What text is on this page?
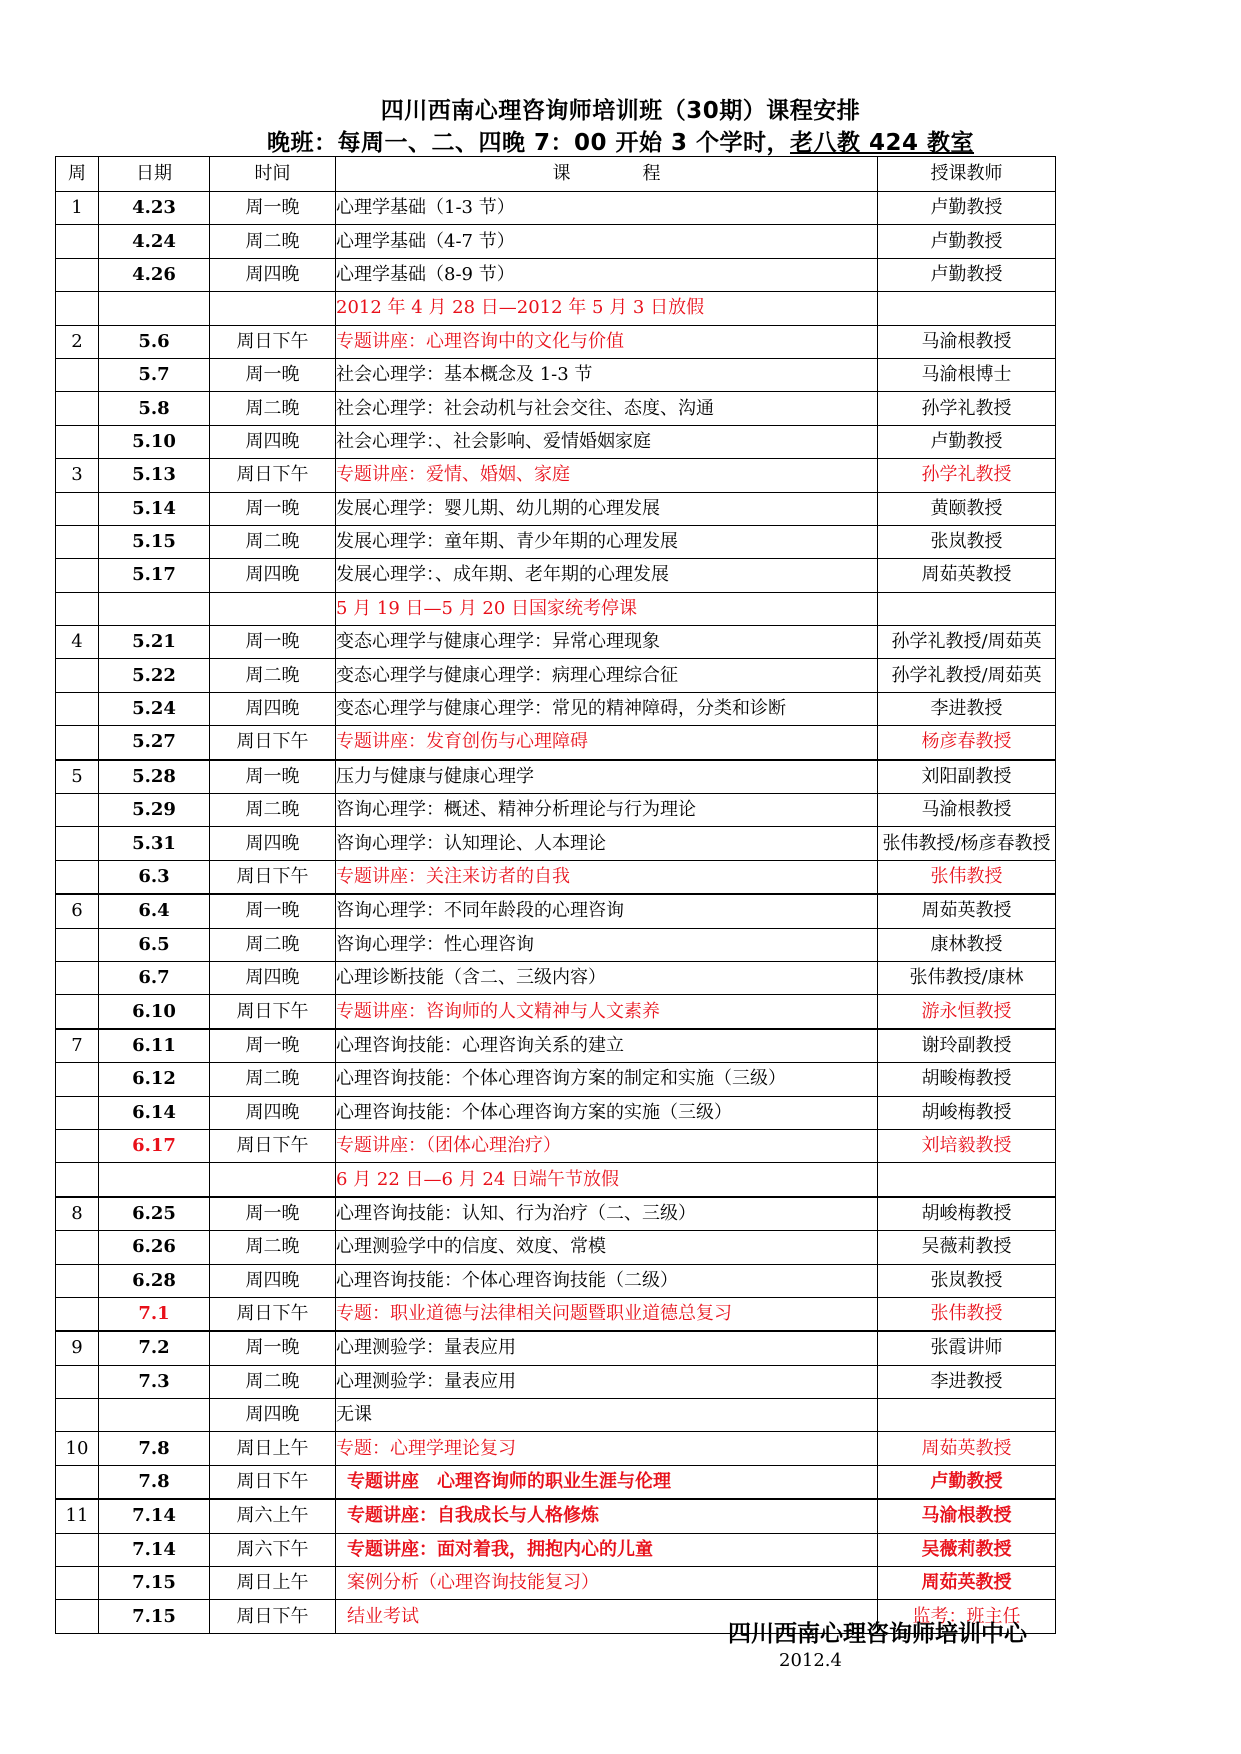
四川西南心理咨询师培训班（30期）课程安排
晚班：每周一、二、四晚 7：00 开始 3 个学时，老八教 424 教室
周	日期	时间	课　　　　程	授课教师
1	4.23	周一晚	心理学基础（1-3 节）	卢勤教授
	4.24	周二晚	心理学基础（4-7 节）	卢勤教授
	4.26	周四晚	心理学基础（8-9 节）	卢勤教授
			2012 年 4 月 28 日—2012 年 5 月 3 日放假	
2	5.6	周日下午	专题讲座：心理咨询中的文化与价值	马渝根教授
	5.7	周一晚	社会心理学：基本概念及 1-3 节	马渝根博士
	5.8	周二晚	社会心理学：社会动机与社会交往、态度、沟通	孙学礼教授
	5.10	周四晚	社会心理学：、社会影响、爱情婚姻家庭	卢勤教授
3	5.13	周日下午	专题讲座：爱情、婚姻、家庭	孙学礼教授
	5.14	周一晚	发展心理学：婴儿期、幼儿期的心理发展	黄颐教授
	5.15	周二晚	发展心理学：童年期、青少年期的心理发展	张岚教授
	5.17	周四晚	发展心理学：、成年期、老年期的心理发展	周茹英教授
			5 月 19 日—5 月 20 日国家统考停课	
4	5.21	周一晚	变态心理学与健康心理学：异常心理现象	孙学礼教授/周茹英
	5.22	周二晚	变态心理学与健康心理学：病理心理综合征	孙学礼教授/周茹英
	5.24	周四晚	变态心理学与健康心理学：常见的精神障碍，分类和诊断	李进教授
	5.27	周日下午	专题讲座：发育创伤与心理障碍	杨彦春教授
5	5.28	周一晚	压力与健康与健康心理学	刘阳副教授
	5.29	周二晚	咨询心理学：概述、精神分析理论与行为理论	马渝根教授
	5.31	周四晚	咨询心理学：认知理论、人本理论	张伟教授/杨彦春教授
	6.3	周日下午	专题讲座：关注来访者的自我	张伟教授
6	6.4	周一晚	咨询心理学：不同年龄段的心理咨询	周茹英教授
	6.5	周二晚	咨询心理学：性心理咨询	康林教授
	6.7	周四晚	心理诊断技能（含二、三级内容）	张伟教授/康林
	6.10	周日下午	专题讲座：咨询师的人文精神与人文素养	游永恒教授
7	6.11	周一晚	心理咨询技能：心理咨询关系的建立	谢玲副教授
	6.12	周二晚	心理咨询技能：个体心理咨询方案的制定和实施（三级）	胡畯梅教授
	6.14	周四晚	心理咨询技能：个体心理咨询方案的实施（三级）	胡峻梅教授
	6.17	周日下午	专题讲座：（团体心理治疗）	刘培毅教授
			6 月 22 日—6 月 24 日端午节放假	
8	6.25	周一晚	心理咨询技能：认知、行为治疗（二、三级）	胡峻梅教授
	6.26	周二晚	心理测验学中的信度、效度、常模	吴薇莉教授
	6.28	周四晚	心理咨询技能：个体心理咨询技能（二级）	张岚教授
	7.1	周日下午	专题：职业道德与法律相关问题暨职业道德总复习	张伟教授
9	7.2	周一晚	心理测验学：量表应用	张霞讲师
	7.3	周二晚	心理测验学：量表应用	李进教授
		周四晚	无课	
10	7.8	周日上午	专题：心理学理论复习	周茹英教授
	7.8	周日下午	专题讲座　心理咨询师的职业生涯与伦理	卢勤教授
11	7.14	周六上午	专题讲座：自我成长与人格修炼	马渝根教授
	7.14	周六下午	专题讲座：面对着我，拥抱内心的儿童	吴薇莉教授
	7.15	周日上午	案例分析（心理咨询技能复习）	周茹英教授
	7.15	周日下午	结业考试	监考：班主任
四川西南心理咨询师培训中心
2012.4
